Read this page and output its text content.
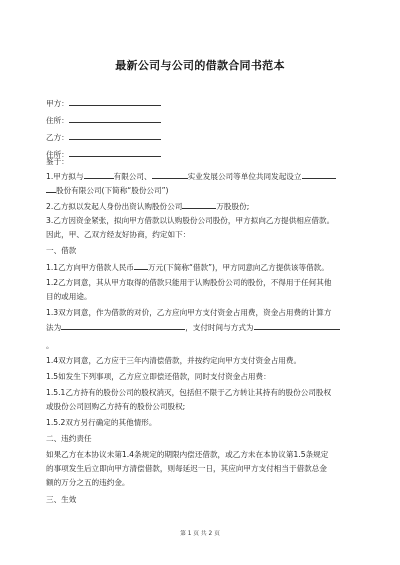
最新公司与公司的借款合同书范本
甲方：
住所：
乙方：
住所：
鉴于：
1.甲方拟与	有限公司、	实业发展公司等单位共同发起设立
股份有限公司(下简称“股份公司”)
2.乙方拟以发起人身份出资认购股份公司	万股股份;
3.乙方因资金紧张，拟向甲方借款以认购股份公司股份，甲方拟向乙方提供相应借款。
因此，甲、乙双方经友好协商，约定如下：
一、借款
1.1乙方向甲方借款人民币 万元(下简称“借款”)，甲方同意向乙方提供该等借款。
1.2乙方同意，其从甲方取得的借款只能用于认购股份公司的股份，不得用于任何其他
目的或用途。
1.3双方同意，作为借款的对价，乙方应向甲方支付资金占用费，资金占用费的计算方
法为	，支付时间与方式为
。
1.4双方同意，乙方应于三年内清偿借款，并按约定向甲方支付资金占用费。
1.5如发生下列事项，乙方应立即偿还借款，同时支付资金占用费：
1.5.1乙方持有的股份公司的股权消灭，包括但不限于乙方转让其持有的股份公司股权
或股份公司回购乙方持有的股份公司股权;
1.5.2双方另行确定的其他情形。
二、违约责任
如果乙方在本协议未第1.4条规定的期限内偿还借款，或乙方未在本协议第1.5条规定
的事项发生后立即向甲方清偿借款，则每延迟一日，其应向甲方支付相当于借款总金
额的万分之五的违约金。
三、生效
第 1 页 共 2 页
